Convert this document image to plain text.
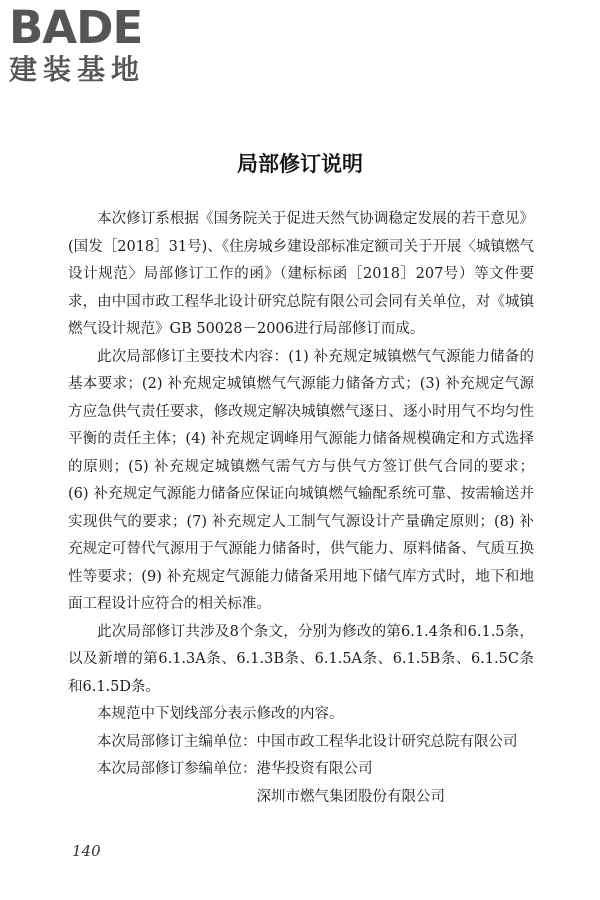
BADE
建装基地
局部修订说明

本次修订系根据《国务院关于促进天然气协调稳定发展的若干意见》(国发［2018］31号)、《住房城乡建设部标准定额司关于开展〈城镇燃气设计规范〉局部修订工作的函》（建标标函［2018］207号）等文件要求，由中国市政工程华北设计研究总院有限公司会同有关单位，对《城镇燃气设计规范》GB 50028－2006进行局部修订而成。

此次局部修订主要技术内容：(1) 补充规定城镇燃气气源能力储备的基本要求；(2) 补充规定城镇燃气气源能力储备方式；(3) 补充规定气源方应急供气责任要求，修改规定解决城镇燃气逐日、逐小时用气不均匀性平衡的责任主体；(4) 补充规定调峰用气源能力储备规模确定和方式选择的原则；(5) 补充规定城镇燃气需气方与供气方签订供气合同的要求；(6) 补充规定气源能力储备应保证向城镇燃气输配系统可靠、按需输送并实现供气的要求；(7) 补充规定人工制气气源设计产量确定原则；(8) 补充规定可替代气源用于气源能力储备时，供气能力、原料储备、气质互换性等要求；(9) 补充规定气源能力储备采用地下储气库方式时，地下和地面工程设计应符合的相关标准。

此次局部修订共涉及8个条文，分别为修改的第6.1.4条和6.1.5条，以及新增的第6.1.3A条、6.1.3B条、6.1.5A条、6.1.5B条、6.1.5C条和6.1.5D条。

本规范中下划线部分表示修改的内容。

本次局部修订主编单位： 中国市政工程华北设计研究总院有限公司
本次局部修订参编单位： 港华投资有限公司
深圳市燃气集团股份有限公司
140
